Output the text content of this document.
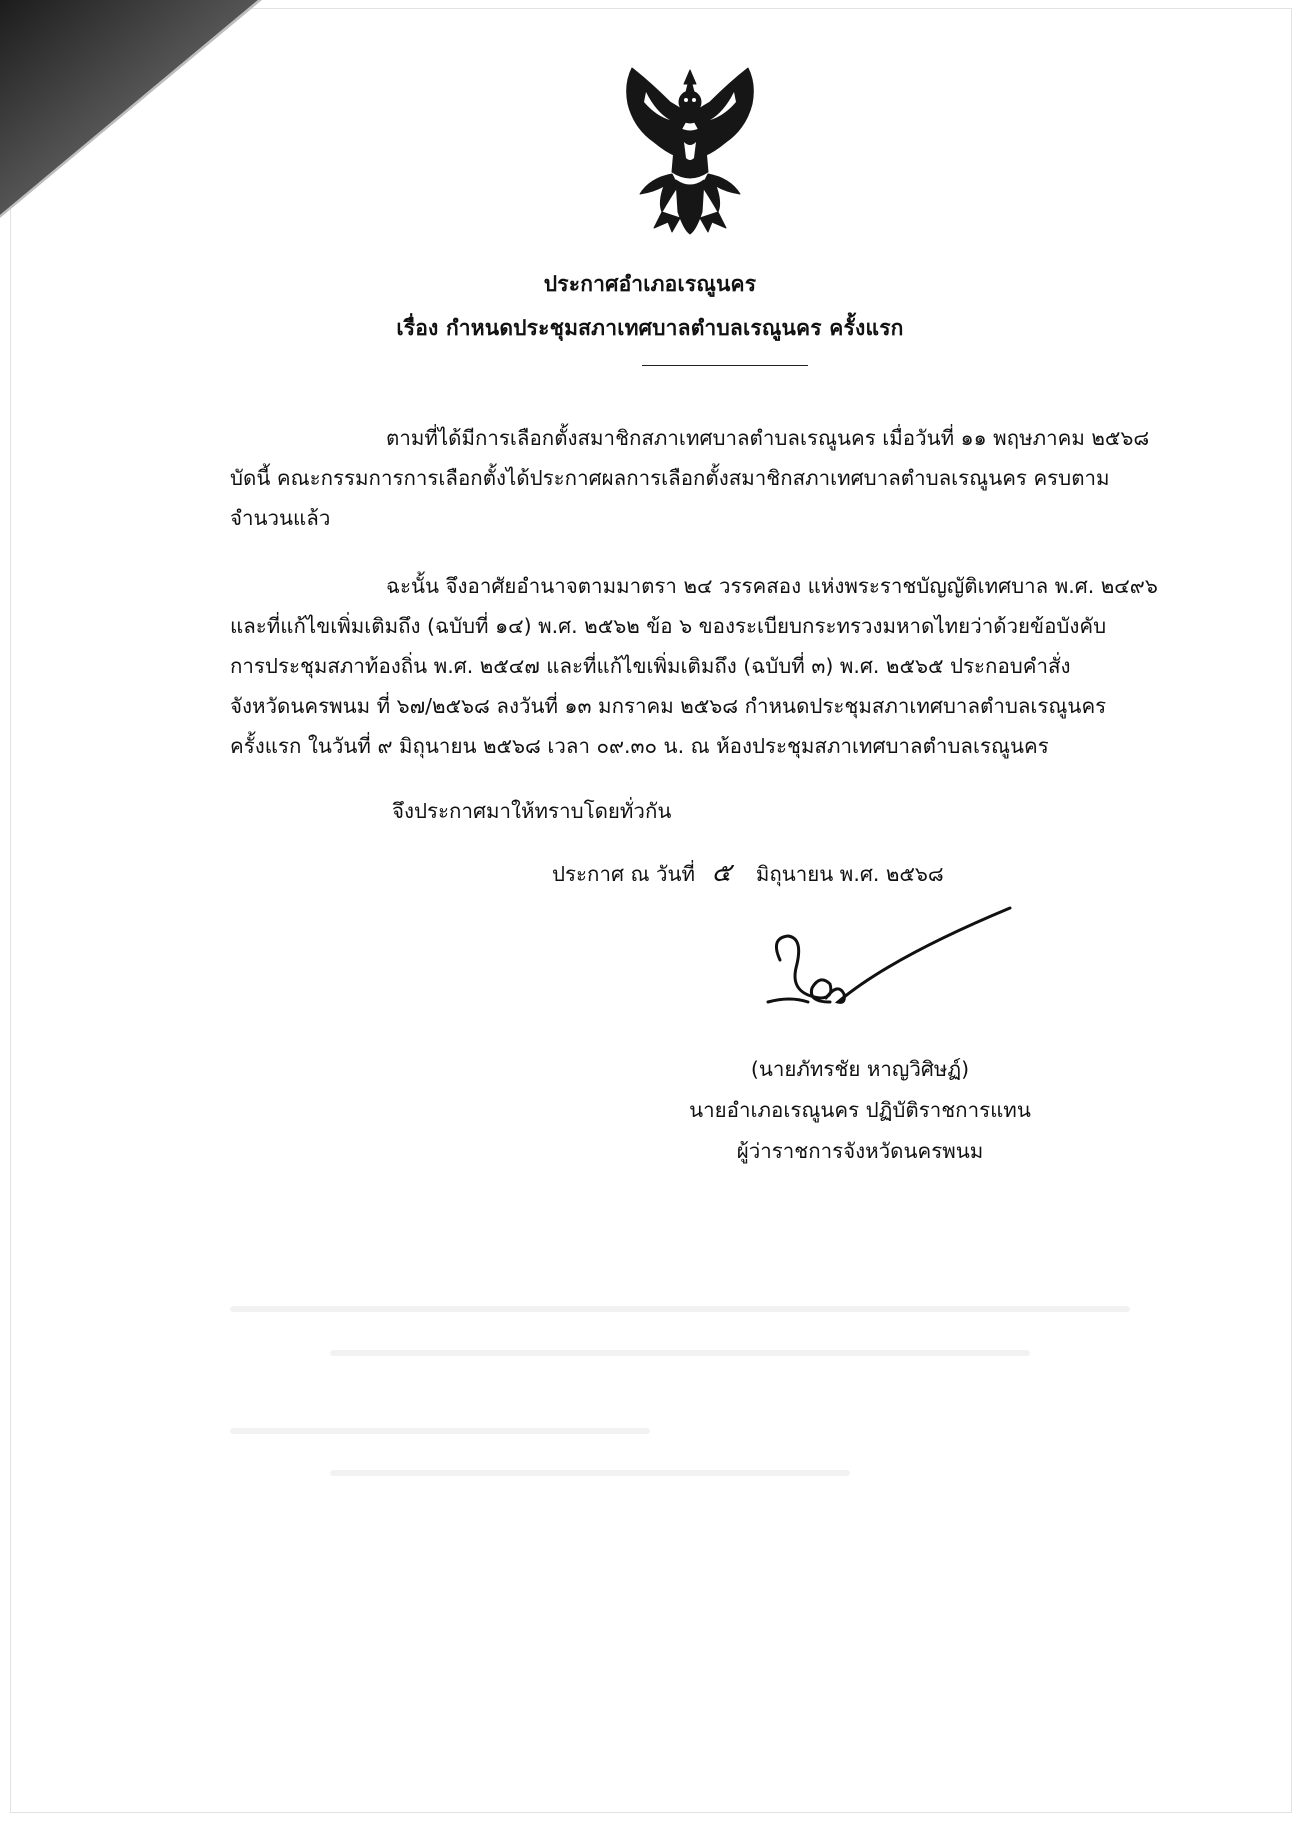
ประกาศอำเภอเรณูนคร
เรื่อง กำหนดประชุมสภาเทศบาลตำบลเรณูนคร ครั้งแรก
ตามที่ได้มีการเลือกตั้งสมาชิกสภาเทศบาลตำบลเรณูนคร เมื่อวันที่ ๑๑ พฤษภาคม ๒๕๖๘
บัดนี้ คณะกรรมการการเลือกตั้งได้ประกาศผลการเลือกตั้งสมาชิกสภาเทศบาลตำบลเรณูนคร ครบตาม
จำนวนแล้ว
ฉะนั้น จึงอาศัยอำนาจตามมาตรา ๒๔ วรรคสอง แห่งพระราชบัญญัติเทศบาล พ.ศ. ๒๔๙๖
และที่แก้ไขเพิ่มเติมถึง (ฉบับที่ ๑๔) พ.ศ. ๒๕๖๒ ข้อ ๖ ของระเบียบกระทรวงมหาดไทยว่าด้วยข้อบังคับ
การประชุมสภาท้องถิ่น พ.ศ. ๒๕๔๗ และที่แก้ไขเพิ่มเติมถึง (ฉบับที่ ๓) พ.ศ. ๒๕๖๕ ประกอบคำสั่ง
จังหวัดนครพนม ที่ ๖๗/๒๕๖๘ ลงวันที่ ๑๓ มกราคม ๒๕๖๘ กำหนดประชุมสภาเทศบาลตำบลเรณูนคร
ครั้งแรก ในวันที่ ๙ มิถุนายน ๒๕๖๘ เวลา ๐๙.๓๐ น. ณ ห้องประชุมสภาเทศบาลตำบลเรณูนคร
จึงประกาศมาให้ทราบโดยทั่วกัน
ประกาศ ณ วันที่ ๕ มิถุนายน พ.ศ. ๒๕๖๘
(นายภัทรชัย หาญวิศิษฏ์)
นายอำเภอเรณูนคร ปฏิบัติราชการแทน
ผู้ว่าราชการจังหวัดนครพนม
